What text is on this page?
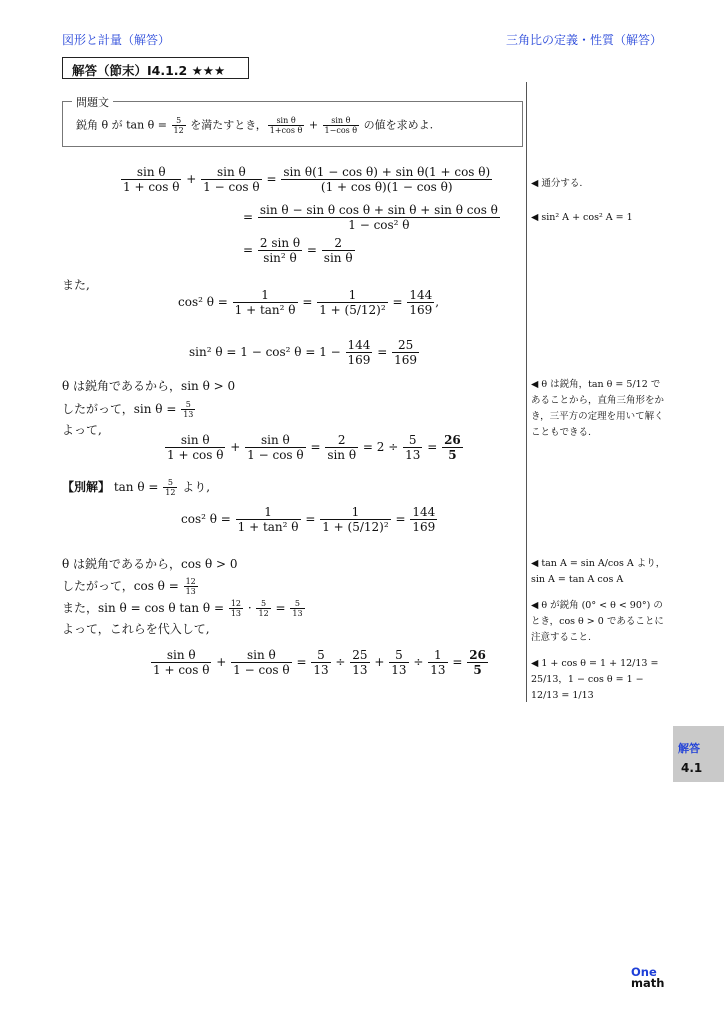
図形と計量（解答）	三角比の定義・性質（解答）
解答（節末）I4.1.2 ★★★
問題文
鋭角 θ が $\tan \theta = \frac{5}{12}$ を満たすとき， $\frac{\text{sin θ}}{\text{1+cos θ}} + \frac{\text{sin θ}}{\text{1−cos θ}}$ の値を求めよ.
$\frac{\text{sin θ}}{\text{1 + cos θ}} + \frac{\text{sin θ}}{\text{1 − cos θ}} = \frac{\text{sin θ(1 − cos θ) + sin θ(1 + cos θ)}}{\text{(1 + cos θ)(1 − cos θ)}}$
= $\frac{\text{sin θ − sin θ cos θ + sin θ + sin θ cos θ}}{\text{1 − cos² θ}}$
= $\frac{\text{2 sin θ}}{\text{sin² θ}} = \frac{2}{\text{sin θ}}$
また,
cos² $\theta = \frac{1}{\text{1 + tan² θ}} = \frac{1}{\text{1 + (5/12)²}} = \frac{144}{169}$ ,
sin² θ = 1 − cos² $\theta = 1 - \frac{144}{169} = \frac{25}{169}$
θ は鋭角であるから，sin θ > 0
したがって，$\sin \theta = \frac{5}{13}$
よって,
$\frac{\text{sin θ}}{\text{1 + cos θ}} + \frac{\text{sin θ}}{\text{1 − cos θ}} = \frac{2}{\text{sin θ}} = 2 \div \frac{5}{13} = \frac{26}{5}$
【別解】 $\tan \theta = \frac{5}{12}$ より,
cos² $\theta = \frac{1}{\text{1 + tan² θ}} = \frac{1}{\text{1 + (5/12)²}} = \frac{144}{169}$
θ は鋭角であるから，cos θ > 0
したがって，$\cos \theta = \frac{12}{13}$
また，sin θ = cos θ $\tan \theta = \frac{12}{13} \cdot \frac{5}{12} = \frac{5}{13}$
よって，これらを代入して,
$\frac{\text{sin θ}}{\text{1 + cos θ}} + \frac{\text{sin θ}}{\text{1 − cos θ}} = \frac{5}{13} \div \frac{25}{13} + \frac{5}{13} \div \frac{1}{13} = \frac{26}{5}$
◀ 通分する.
◀ sin² A + cos² A = 1
◀ θ は鋭角，tan θ = 5/12 であることから，直角三角形をかき，三平方の定理を用いて解くこともできる.
◀ tan A = sin A/cos A より，
sin A = tan A cos A
◀ θ が鋭角 (0° < θ < 90°) のとき，cos θ > 0 であることに注意すること.
◀ 1 + cos θ = 1 + 12/13 = 25/13，1 − cos θ = 1 − 12/13 = 1/13
解答
4.1
One
math
